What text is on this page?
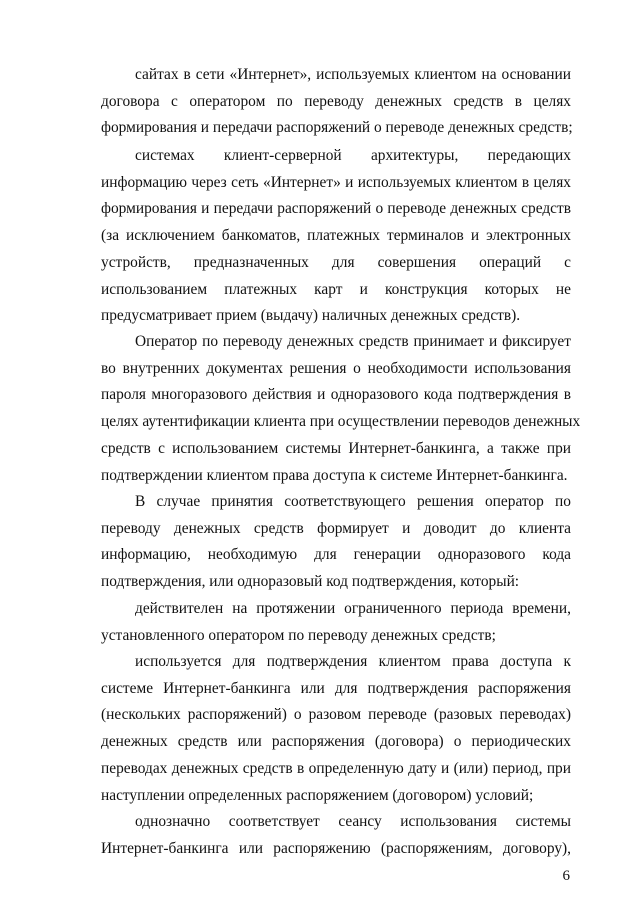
сайтах в сети «Интернет», используемых клиентом на основании
договора с оператором по переводу денежных средств в целях
формирования и передачи распоряжений о переводе денежных средств;
системах клиент-серверной архитектуры, передающих
информацию через сеть «Интернет» и используемых клиентом в целях
формирования и передачи распоряжений о переводе денежных средств
(за исключением банкоматов, платежных терминалов и электронных
устройств, предназначенных для совершения операций с
использованием платежных карт и конструкция которых не
предусматривает прием (выдачу) наличных денежных средств).
Оператор по переводу денежных средств принимает и фиксирует
во внутренних документах решения о необходимости использования
пароля многоразового действия и одноразового кода подтверждения в
целях аутентификации клиента при осуществлении переводов денежных
средств с использованием системы Интернет-банкинга, а также при
подтверждении клиентом права доступа к системе Интернет-банкинга.
В случае принятия соответствующего решения оператор по
переводу денежных средств формирует и доводит до клиента
информацию, необходимую для генерации одноразового кода
подтверждения, или одноразовый код подтверждения, который:
действителен на протяжении ограниченного периода времени,
установленного оператором по переводу денежных средств;
используется для подтверждения клиентом права доступа к
системе Интернет-банкинга или для подтверждения распоряжения
(нескольких распоряжений) о разовом переводе (разовых переводах)
денежных средств или распоряжения (договора) о периодических
переводах денежных средств в определенную дату и (или) период, при
наступлении определенных распоряжением (договором) условий;
однозначно соответствует сеансу использования системы
Интернет-банкинга или распоряжению (распоряжениям, договору),

6
